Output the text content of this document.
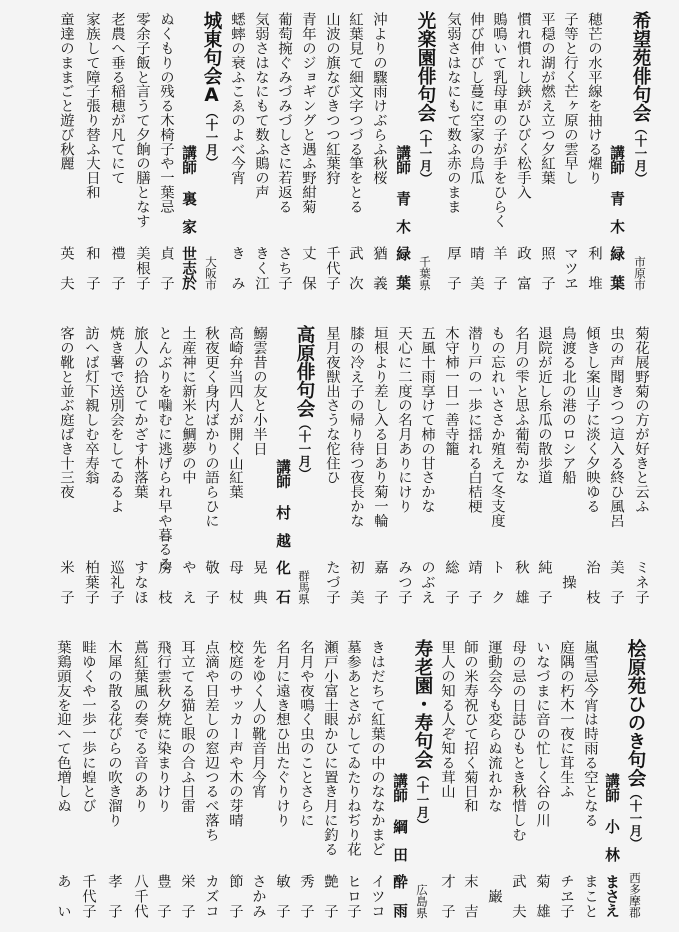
希望苑俳句会（十一月）
市原市
講師
青木
緑葉
穂芒の水平線を抽ける燿り
利堆
子等と行く芒ヶ原の雲早し
マツヱ
平穏の湖が燃え立つ夕紅葉
照子
慣れ慣れし鋏がひびく松手入
政富
鵙鳴いて乳母車の子が手をひらく
羊子
伸び伸びし蔓に空家の烏瓜
晴美
気弱さはなにもて数ふ赤のまま
厚子
光楽園俳句会（十一月）
千葉県
講師
青木
緑葉
沖よりの驟雨けぶらふ秋桜
猶義
紅葉見て細文字つづる筆をとる
武次
山波の旗なびきつつ紅葉狩
千代子
青年のジョギングと遇ふ野紺菊
丈保
葡萄捥ぐみづみづしさに若返る
さち子
気弱さはなにもて数ふ鵙の声
きく江
蟋蟀の衰ふこゑのよべ今宵
きみ
城東句会A（十一月）
大阪市
講師
裏家
世志於
ぬくもりの残る木椅子や一葉忌
貞子
零余子飯と言うて夕餉の膳となす
美根子
老農へ垂る稲穂が凡てにて
禮子
家族して障子張り替ふ大日和
和子
童達のままごと遊び秋麗
英夫
菊花展野菊の方が好きと云ふ
ミネ子
虫の声聞きつつ這入る終ひ風呂
美子
傾きし案山子に淡く夕映ゆる
治枝
鳥渡る北の港のロシア船
操
退院が近し糸瓜の散歩道
純子
名月の雫と思ふ葡萄かな
秋雄
もの忘れいささか殖えて冬支度
トク
潜り戸の一歩に揺れる白桔梗
靖子
木守柿一日一善寺籠
総子
五風十雨享けて柿の甘さかな
のぶえ
天心に二度の名月ありにけり
みつ子
垣根より差し入る日あり菊一輪
嘉子
膝の冷え子の帰り待つ夜長かな
初美
星月夜獣出さうな佗住ひ
たづ子
高原俳句会（十一月）
群馬県
講師
村越
化石
鰯雲昔の友と小半日
晃典
高崎弁当四人が開く山紅葉
母杖
秋夜更く身内ばかりの語らひに
敬子
土産神に新米と鯛夢の中
やえ
とんぶりを噛むに逃げられ早や暮るる
房枝
旅人の拾ひてかざす朴落葉
すなほ
焼き薯で送別会をしてゐるよ
巡礼子
訪へば灯下親しむ卒寿翁
柏葉子
客の靴と並ぶ庭ばき十三夜
米子
桧原苑ひのき句会（十一月）
西多摩郡
講師
小林
まさえ
嵐雪忌今宵は時雨る空となる
まこと
庭隅の朽木一夜に茸生ふ
チヱ子
いなづまに音の忙しく谷の川
菊雄
母の忌の日誌ひもとき秋惜しむ
武夫
運動会今も変らぬ流れかな
巌
師の米寿祝ひて招く菊日和
末吉
里人の知る人ぞ知る茸山
才子
寿老園・寿句会（十一月）
広島県
講師
綱田
酔雨
きはだちて紅葉の中のななかまど
イツコ
墓参あとさがしてゐたりねぢり花
ヒロ子
瀬戸小富士眼かひに置き月に釣る
艶子
名月や夜鳴く虫のことさらに
秀子
名月に遠き想ひ出たぐりけり
敏子
先をゆく人の靴音月今宵
さかみ
校庭のサッカー声や木の芽晴
節子
点滴や日差しの窓辺つるべ落ち
カズコ
耳立てる猫と眼の合ふ日雷
栄子
飛行雲秋夕焼に染まりけり
豊子
蔦紅葉風の奏でる音のあり
八千代
木犀の散る花びらの吹き溜り
孝子
畦ゆくや一歩一歩に蝗とび
千代子
葉鶏頭友を迎へて色増しぬ
あい
